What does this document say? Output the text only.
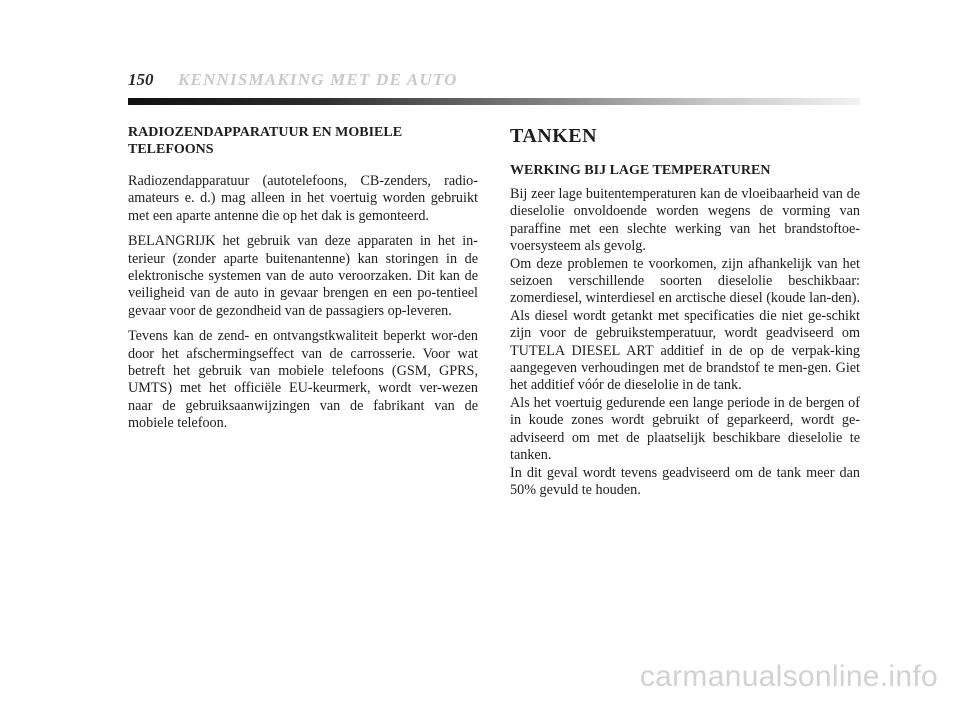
150 KENNISMAKING MET DE AUTO
RADIOZENDAPPARATUUR EN MOBIELE TELEFOONS

Radiozendapparatuur (autotelefoons, CB-zenders, radio-amateurs e. d.) mag alleen in het voertuig worden gebruikt met een aparte antenne die op het dak is gemonteerd.

BELANGRIJK het gebruik van deze apparaten in het in-terieur (zonder aparte buitenantenne) kan storingen in de elektronische systemen van de auto veroorzaken. Dit kan de veiligheid van de auto in gevaar brengen en een po-tentieel gevaar voor de gezondheid van de passagiers op-leveren.

Tevens kan de zend- en ontvangstkwaliteit beperkt wor-den door het afschermingseffect van de carrosserie. Voor wat betreft het gebruik van mobiele telefoons (GSM, GPRS, UMTS) met het officiële EU-keurmerk, wordt ver-wezen naar de gebruiksaanwijzingen van de fabrikant van de mobiele telefoon.

TANKEN
WERKING BIJ LAGE TEMPERATUREN

Bij zeer lage buitentemperaturen kan de vloeibaarheid van de dieselolie onvoldoende worden wegens de vorming van paraffine met een slechte werking van het brandstoftoe-voersysteem als gevolg.

Om deze problemen te voorkomen, zijn afhankelijk van het seizoen verschillende soorten dieselolie beschikbaar: zomerdiesel, winterdiesel en arctische diesel (koude lan-den). Als diesel wordt getankt met specificaties die niet ge-schikt zijn voor de gebruikstemperatuur, wordt geadviseerd om TUTELA DIESEL ART additief in de op de verpak-king aangegeven verhoudingen met de brandstof te men-gen. Giet het additief vóór de dieselolie in de tank.

Als het voertuig gedurende een lange periode in de bergen of in koude zones wordt gebruikt of geparkeerd, wordt ge-adviseerd om met de plaatselijk beschikbare dieselolie te tanken.

In dit geval wordt tevens geadviseerd om de tank meer dan 50% gevuld te houden.

carmanualsonline.info
